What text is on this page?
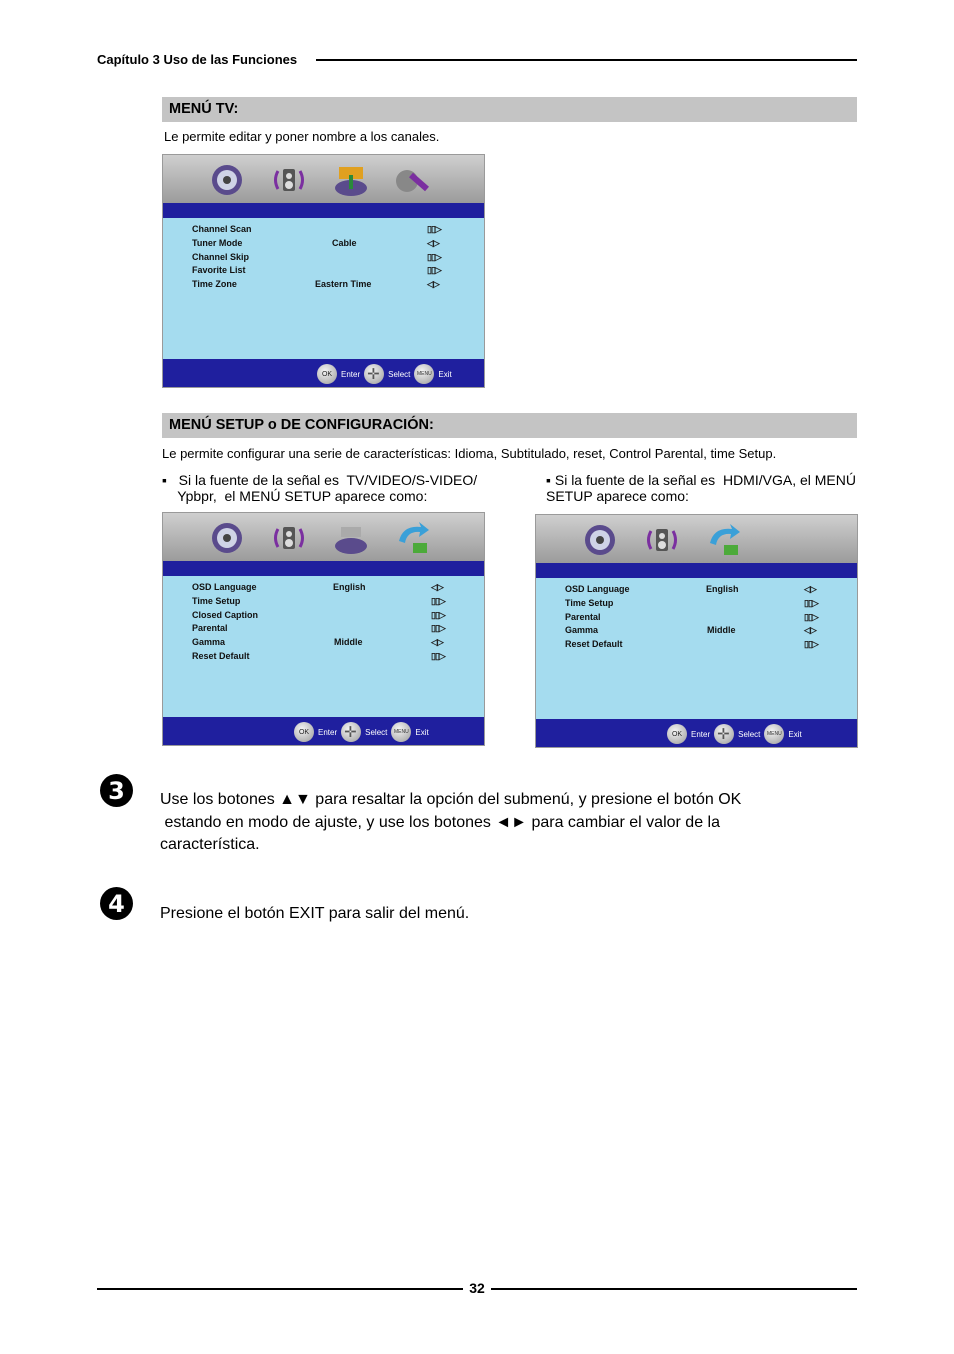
Capítulo 3 Uso de las Funciones
MENÚ TV:
Le permite editar y poner nombre a los canales.
Channel Scan	▯▯▷
Tuner Mode	Cable	◁▷
Channel Skip	▯▯▷
Favorite List	▯▯▷
Time Zone	Eastern Time	◁▷
OK	Enter ✛	Select	MENU Exit
MENÚ SETUP o DE CONFIGURACIÓN:
Le permite configurar una serie de características: Idioma, Subtitulado, reset, Control Parental, time Setup.
▪   Si la fuente de la señal es  TV/VIDEO/S-VIDEO/
Ypbpr,  el MENÚ SETUP aparece como:
▪ Si la fuente de la señal es  HDMI/VGA, el MENÚ
SETUP aparece como:
OSD Language	English	◁▷
Time Setup	▯▯▷
Closed Caption	▯▯▷
Parental	▯▯▷
Gamma	Middle	◁▷
Reset Default	▯▯▷
OK	Enter ✛	Select	MENU Exit
OSD Language	English	◁▷
Time Setup	▯▯▷
Parental	▯▯▷
Gamma	Middle	◁▷
Reset Default	▯▯▷
OK	Enter ✛	Select	MENU Exit
3	Use los botones ▲▼ para resaltar la opción del submenú, y presione el botón OK
estando en modo de ajuste, y use los botones ◄► para cambiar el valor de la
característica.
4	Presione el botón EXIT para salir del menú.
32
